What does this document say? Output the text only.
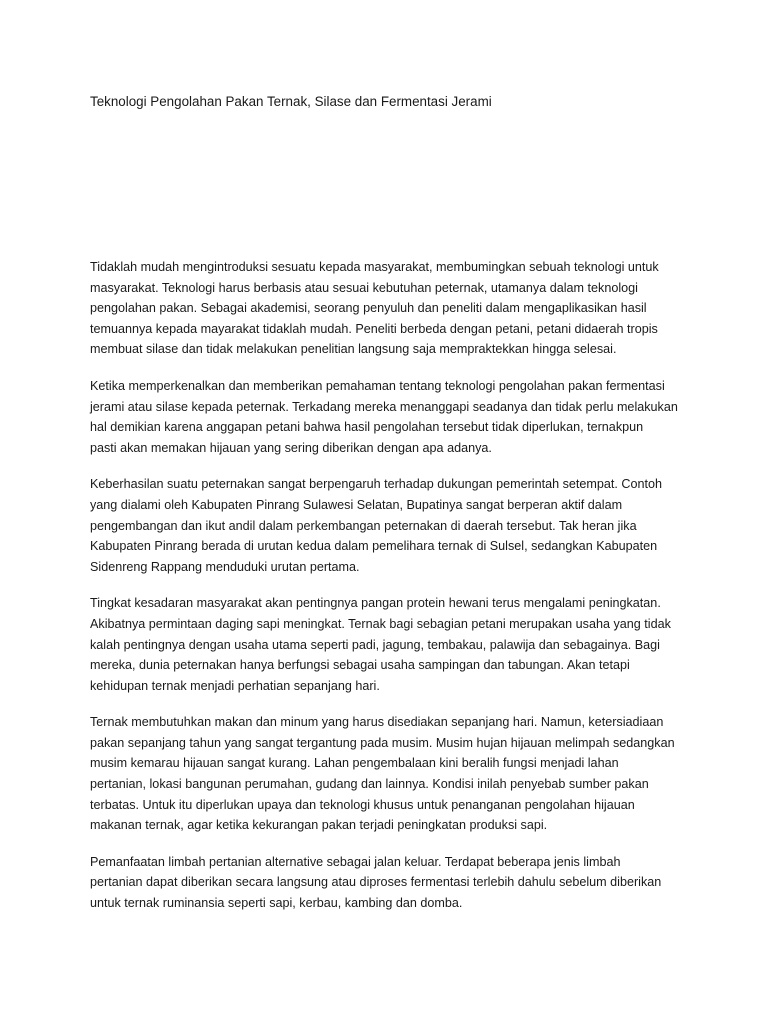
Teknologi Pengolahan Pakan Ternak, Silase dan Fermentasi Jerami

Tidaklah mudah mengintroduksi sesuatu kepada masyarakat, membumingkan sebuah teknologi untuk
masyarakat. Teknologi harus berbasis atau sesuai kebutuhan peternak, utamanya dalam teknologi
pengolahan pakan. Sebagai akademisi, seorang penyuluh dan peneliti dalam mengaplikasikan hasil
temuannya kepada mayarakat tidaklah mudah. Peneliti berbeda dengan petani, petani didaerah tropis
membuat silase dan tidak melakukan penelitian langsung saja mempraktekkan hingga selesai.

Ketika memperkenalkan dan memberikan pemahaman tentang teknologi pengolahan pakan fermentasi
jerami atau silase kepada peternak. Terkadang mereka menanggapi seadanya dan tidak perlu melakukan
hal demikian karena anggapan petani bahwa hasil pengolahan tersebut tidak diperlukan, ternakpun
pasti akan memakan hijauan yang sering diberikan dengan apa adanya.

Keberhasilan suatu peternakan sangat berpengaruh terhadap dukungan pemerintah setempat. Contoh
yang dialami oleh Kabupaten Pinrang Sulawesi Selatan, Bupatinya sangat berperan aktif dalam
pengembangan dan ikut andil dalam perkembangan peternakan di daerah tersebut. Tak heran jika
Kabupaten Pinrang berada di urutan kedua dalam pemelihara ternak di Sulsel, sedangkan Kabupaten
Sidenreng Rappang menduduki urutan pertama.

Tingkat kesadaran masyarakat akan pentingnya pangan protein hewani terus mengalami peningkatan.
Akibatnya permintaan daging sapi meningkat. Ternak bagi sebagian petani merupakan usaha yang tidak
kalah pentingnya dengan usaha utama seperti padi, jagung, tembakau, palawija dan sebagainya. Bagi
mereka, dunia peternakan hanya berfungsi sebagai usaha sampingan dan tabungan. Akan tetapi
kehidupan ternak menjadi perhatian sepanjang hari.

Ternak membutuhkan makan dan minum yang harus disediakan sepanjang hari. Namun, ketersiadiaan
pakan sepanjang tahun yang sangat tergantung pada musim. Musim hujan hijauan melimpah sedangkan
musim kemarau hijauan sangat kurang. Lahan pengembalaan kini beralih fungsi menjadi lahan
pertanian, lokasi bangunan perumahan, gudang dan lainnya. Kondisi inilah penyebab sumber pakan
terbatas. Untuk itu diperlukan upaya dan teknologi khusus untuk penanganan pengolahan hijauan
makanan ternak, agar ketika kekurangan pakan terjadi peningkatan produksi sapi.

Pemanfaatan limbah pertanian alternative sebagai jalan keluar. Terdapat beberapa jenis limbah
pertanian dapat diberikan secara langsung atau diproses fermentasi terlebih dahulu sebelum diberikan
untuk ternak ruminansia seperti sapi, kerbau, kambing dan domba.
